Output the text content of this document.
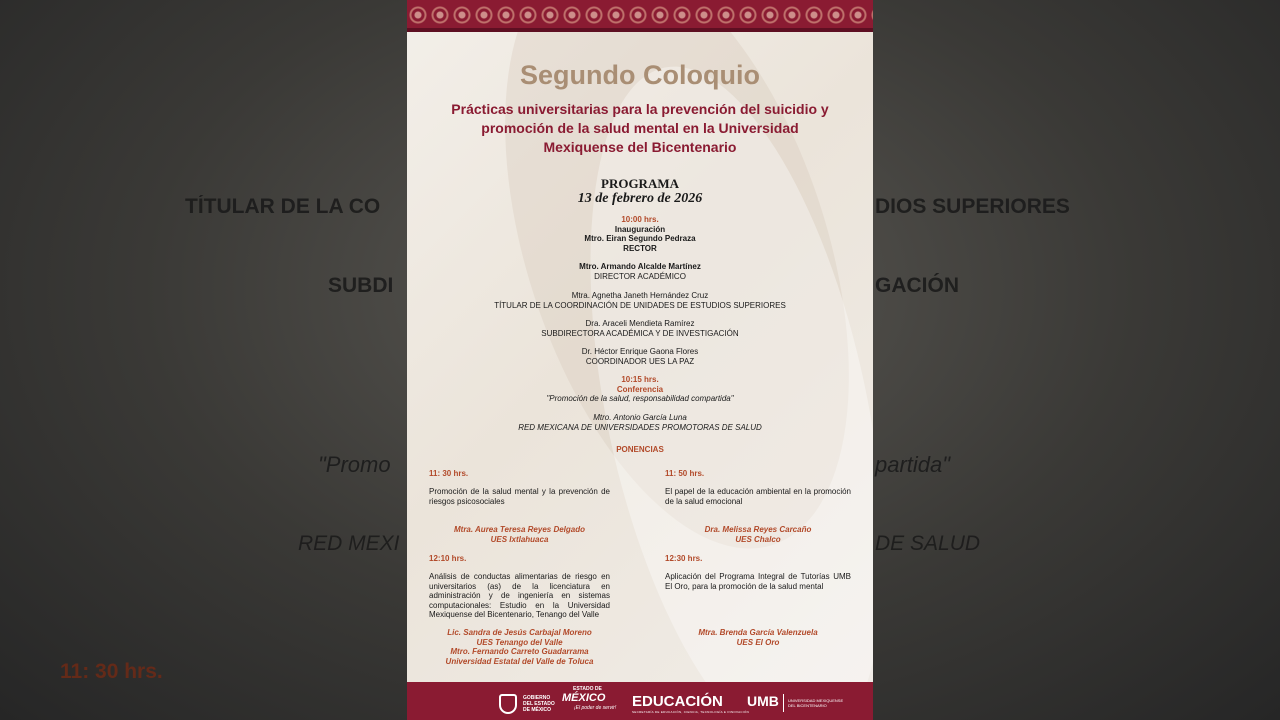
TÍTULAR DE LA CO	DIOS SUPERIORES
SUBDI	GACIÓN
"Promo	partida"
RED MEXI	DE SALUD
11: 30 hrs.
Segundo Coloquio
Prácticas universitarias para la prevención del suicidio y promoción de la salud mental en la Universidad Mexiquense del Bicentenario
PROGRAMA
13 de febrero de 2026
10:00 hrs.
Inauguración
Mtro. Eiran Segundo Pedraza
RECTOR
Mtro. Armando Alcalde Martínez
DIRECTOR ACADÉMICO
Mtra. Agnetha Janeth Hernández Cruz
TÍTULAR DE LA COORDINACIÓN DE UNIDADES DE ESTUDIOS SUPERIORES
Dra. Araceli Mendieta Ramírez
SUBDIRECTORA ACADÉMICA Y DE INVESTIGACIÓN
Dr. Héctor Enrique Gaona Flores
COORDINADOR UES LA PAZ
10:15 hrs.
Conferencia
"Promoción de la salud, responsabilidad compartida"
Mtro. Antonio García Luna
RED MEXICANA DE UNIVERSIDADES PROMOTORAS DE SALUD
PONENCIAS
11: 30 hrs.
Promoción de la salud mental y la prevención de riesgos psicosociales
Mtra. Aurea Teresa Reyes Delgado
UES Ixtlahuaca
11: 50 hrs.
El papel de la educación ambiental en la promoción de la salud emocional
Dra. Melissa Reyes Carcaño
UES Chalco
12:10 hrs.
Análisis de conductas alimentarias de riesgo en universitarios (as) de la licenciatura en administración y de ingeniería en sistemas computacionales: Estudio en la Universidad Mexiquense del Bicentenario, Tenango del Valle
Lic. Sandra de Jesús Carbajal Moreno
UES Tenango del Valle
Mtro. Fernando Carreto Guadarrama
Universidad Estatal del Valle de Toluca
12:30 hrs.
Aplicación del Programa Integral de Tutorías UMB El Oro, para la promoción de la salud mental
Mtra. Brenda García Valenzuela
UES El Oro
GOBIERNO DEL ESTADO DE MÉXICO
ESTADO DE
MÉXICO
¡El poder de servir! EDUCACIÓN
SECRETARÍA DE EDUCACIÓN, CIENCIA, TECNOLOGÍA E INNOVACIÓN
UMB UNIVERSIDAD MEXIQUENSE DEL BICENTENARIO
